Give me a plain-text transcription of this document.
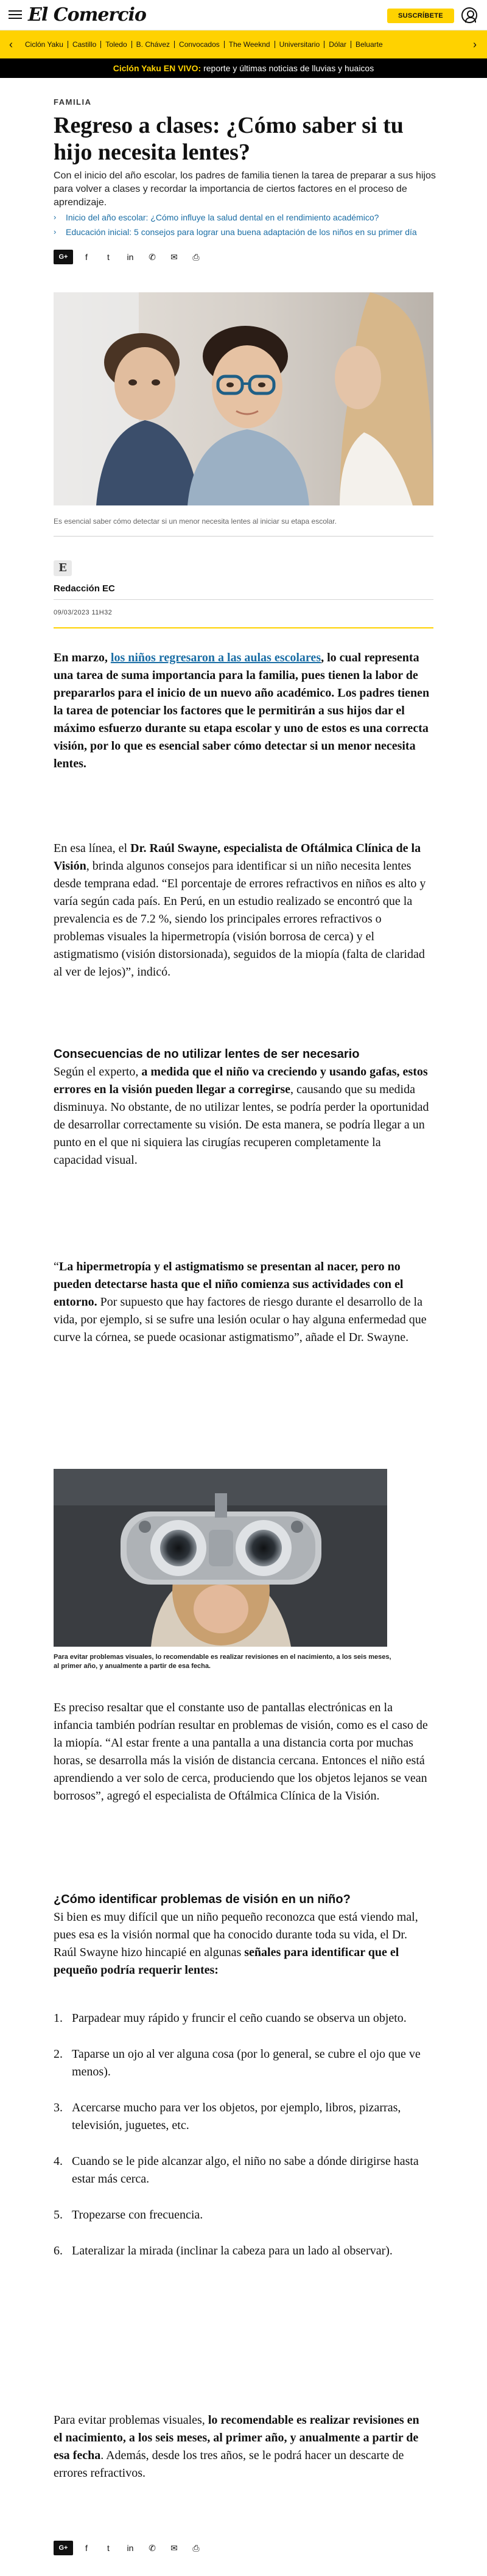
El Comercio	SUSCRÍBETE
‹	Ciclón Yaku	Castillo	Toledo	B. Chávez	Convocados	The Weeknd	Universitario	Dólar	Beluarte	›
Ciclón Yaku EN VIVO: reporte y últimas noticias de lluvias y huaicos
FAMILIA
Regreso a clases: ¿Cómo saber si tu hijo necesita lentes?

Con el inicio del año escolar, los padres de familia tienen la tarea de preparar a sus hijos para volver a clases y recordar la importancia de ciertos factores en el proceso de aprendizaje.

›	Inicio del año escolar: ¿Cómo influye la salud dental en el rendimiento académico?
›	Educación inicial: 5 consejos para lograr una buena adaptación de los niños en su primer día
G+	f	t	in	✆	✉	⎙
Es esencial saber cómo detectar si un menor necesita lentes al iniciar su etapa escolar.
E
Redacción EC
09/03/2023 11H32

En marzo, los niños regresaron a las aulas escolares, lo cual representa una tarea de suma importancia para la familia, pues tienen la labor de prepararlos para el inicio de un nuevo año académico. Los padres tienen la tarea de potenciar los factores que le permitirán a sus hijos dar el máximo esfuerzo durante su etapa escolar y uno de estos es una correcta visión, por lo que es esencial saber cómo detectar si un menor necesita lentes.

En esa línea, el Dr. Raúl Swayne, especialista de Oftálmica Clínica de la Visión, brinda algunos consejos para identificar si un niño necesita lentes desde temprana edad. “El porcentaje de errores refractivos en niños es alto y varía según cada país. En Perú, en un estudio realizado se encontró que la prevalencia es de 7.2 %, siendo los principales errores refractivos o problemas visuales la hipermetropía (visión borrosa de cerca) y el astigmatismo (visión distorsionada), seguidos de la miopía (falta de claridad al ver de lejos)”, indicó.

Consecuencias de no utilizar lentes de ser necesario

Según el experto, a medida que el niño va creciendo y usando gafas, estos errores en la visión pueden llegar a corregirse, causando que su medida disminuya. No obstante, de no utilizar lentes, se podría perder la oportunidad de desarrollar correctamente su visión. De esta manera, se podría llegar a un punto en el que ni siquiera las cirugías recuperen completamente la capacidad visual.

“La hipermetropía y el astigmatismo se presentan al nacer, pero no pueden detectarse hasta que el niño comienza sus actividades con el entorno. Por supuesto que hay factores de riesgo durante el desarrollo de la vida, por ejemplo, si se sufre una lesión ocular o hay alguna enfermedad que curve la córnea, se puede ocasionar astigmatismo”, añade el Dr. Swayne.

Para evitar problemas visuales, lo recomendable es realizar revisiones en el nacimiento, a los seis meses, al primer año, y anualmente a partir de esa fecha.

Es preciso resaltar que el constante uso de pantallas electrónicas en la infancia también podrían resultar en problemas de visión, como es el caso de la miopía. “Al estar frente a una pantalla a una distancia corta por muchas horas, se desarrolla más la visión de distancia cercana. Entonces el niño está aprendiendo a ver solo de cerca, produciendo que los objetos lejanos se vean borrosos”, agregó el especialista de Oftálmica Clínica de la Visión.

¿Cómo identificar problemas de visión en un niño?

Si bien es muy difícil que un niño pequeño reconozca que está viendo mal, pues esa es la visión normal que ha conocido durante toda su vida, el Dr. Raúl Swayne hizo hincapié en algunas señales para identificar que el pequeño podría requerir lentes:

1. Parpadear muy rápido y fruncir el ceño cuando se observa un objeto.
2. Taparse un ojo al ver alguna cosa (por lo general, se cubre el ojo que ve menos).
3. Acercarse mucho para ver los objetos, por ejemplo, libros, pizarras, televisión, juguetes, etc.
4. Cuando se le pide alcanzar algo, el niño no sabe a dónde dirigirse hasta estar más cerca.
5. Tropezarse con frecuencia.
6. Lateralizar la mirada (inclinar la cabeza para un lado al observar).

Para evitar problemas visuales, lo recomendable es realizar revisiones en el nacimiento, a los seis meses, al primer año, y anualmente a partir de esa fecha. Además, desde los tres años, se le podrá hacer un descarte de errores refractivos.

G+	f	t	in	✆	✉	⎙
